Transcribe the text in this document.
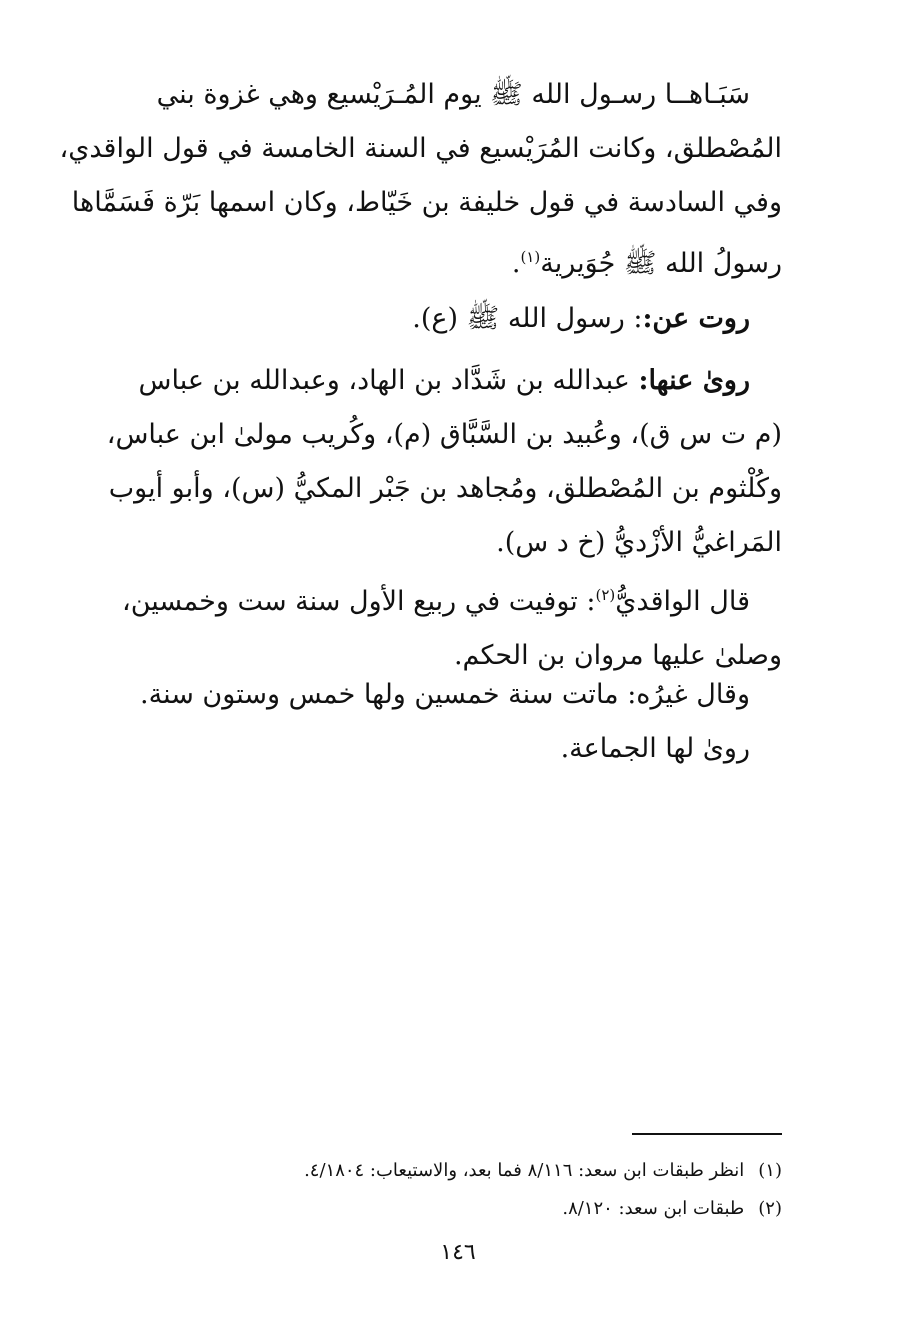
سَبَـاهــا رسـول الله ﷺ يوم المُـرَيْسيع وهي غزوة بني
المُصْطلق، وكانت المُرَيْسيع في السنة الخامسة في قول الواقدي،
وفي السادسة في قول خليفة بن خَيّاط، وكان اسمها بَرّة فَسَمَّاها
رسولُ الله ﷺ جُوَيرية$^{(١)}$.
روت عن:: رسول الله ﷺ (ع).
روىٰ عنها: عبدالله بن شَدَّاد بن الهاد، وعبدالله بن عباس
(م ت س ق)، وعُبيد بن السَّبَّاق (م)، وكُريب مولىٰ ابن عباس،
وكُلْثوم بن المُصْطلق، ومُجاهد بن جَبْر المكيُّ (س)، وأبو أيوب
المَراغيُّ الأزْديُّ (خ د س).
قال الواقديُّ$^{(٢)}$: توفيت في ربيع الأول سنة ست وخمسين،
وصلىٰ عليها مروان بن الحكم.
وقال غيرُه: ماتت سنة خمسين ولها خمس وستون سنة.
روىٰ لها الجماعة.
(١)انظر طبقات ابن سعد: ٨/١١٦ فما بعد، والاستيعاب: ٤/١٨٠٤.
(٢)طبقات ابن سعد: ٨/١٢٠.
١٤٦
